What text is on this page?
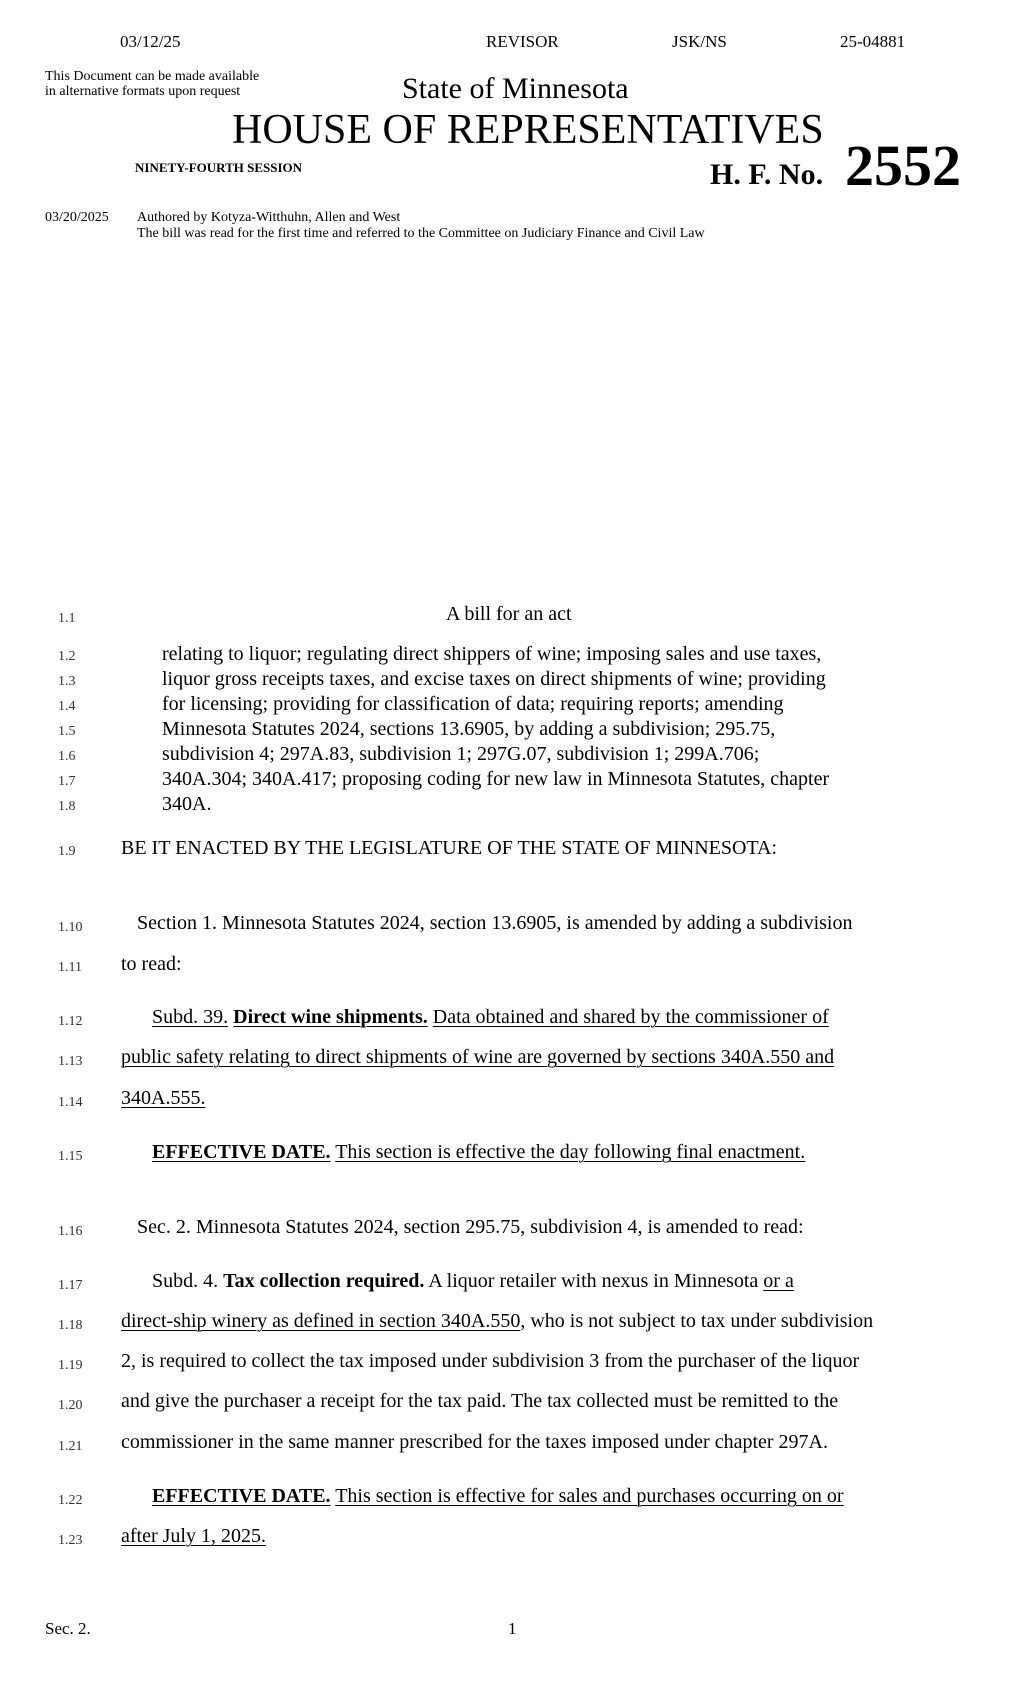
03/12/25	REVISOR	JSK/NS	25-04881
This Document can be made available
in alternative formats upon request	State of Minnesota
HOUSE OF REPRESENTATIVES
NINETY-FOURTH SESSION	H. F. No. 2552
03/20/2025 Authored by Kotyza-Witthuhn, Allen and West
The bill was read for the first time and referred to the Committee on Judiciary Finance and Civil Law
1.1
1.2
1.3
1.4
1.5
1.6
1.7
1.8
1.9
1.10
1.11
1.12
1.13
1.14
1.15
1.16
1.17
1.18
1.19
1.20
1.21
1.22
1.23
A bill for an act
relating to liquor; regulating direct shippers of wine; imposing sales and use taxes,
liquor gross receipts taxes, and excise taxes on direct shipments of wine; providing
for licensing; providing for classification of data; requiring reports; amending
Minnesota Statutes 2024, sections 13.6905, by adding a subdivision; 295.75,
subdivision 4; 297A.83, subdivision 1; 297G.07, subdivision 1; 299A.706;
340A.304; 340A.417; proposing coding for new law in Minnesota Statutes, chapter
340A.
BE IT ENACTED BY THE LEGISLATURE OF THE STATE OF MINNESOTA:
Section 1. Minnesota Statutes 2024, section 13.6905, is amended by adding a subdivision
to read:
Subd. 39. Direct wine shipments. Data obtained and shared by the commissioner of
public safety relating to direct shipments of wine are governed by sections 340A.550 and
340A.555.
EFFECTIVE DATE. This section is effective the day following final enactment.
Sec. 2. Minnesota Statutes 2024, section 295.75, subdivision 4, is amended to read:
Subd. 4. Tax collection required. A liquor retailer with nexus in Minnesota or a
direct-ship winery as defined in section 340A.550, who is not subject to tax under subdivision
2, is required to collect the tax imposed under subdivision 3 from the purchaser of the liquor
and give the purchaser a receipt for the tax paid. The tax collected must be remitted to the
commissioner in the same manner prescribed for the taxes imposed under chapter 297A.
EFFECTIVE DATE. This section is effective for sales and purchases occurring on or
after July 1, 2025.
Sec. 2.	1
